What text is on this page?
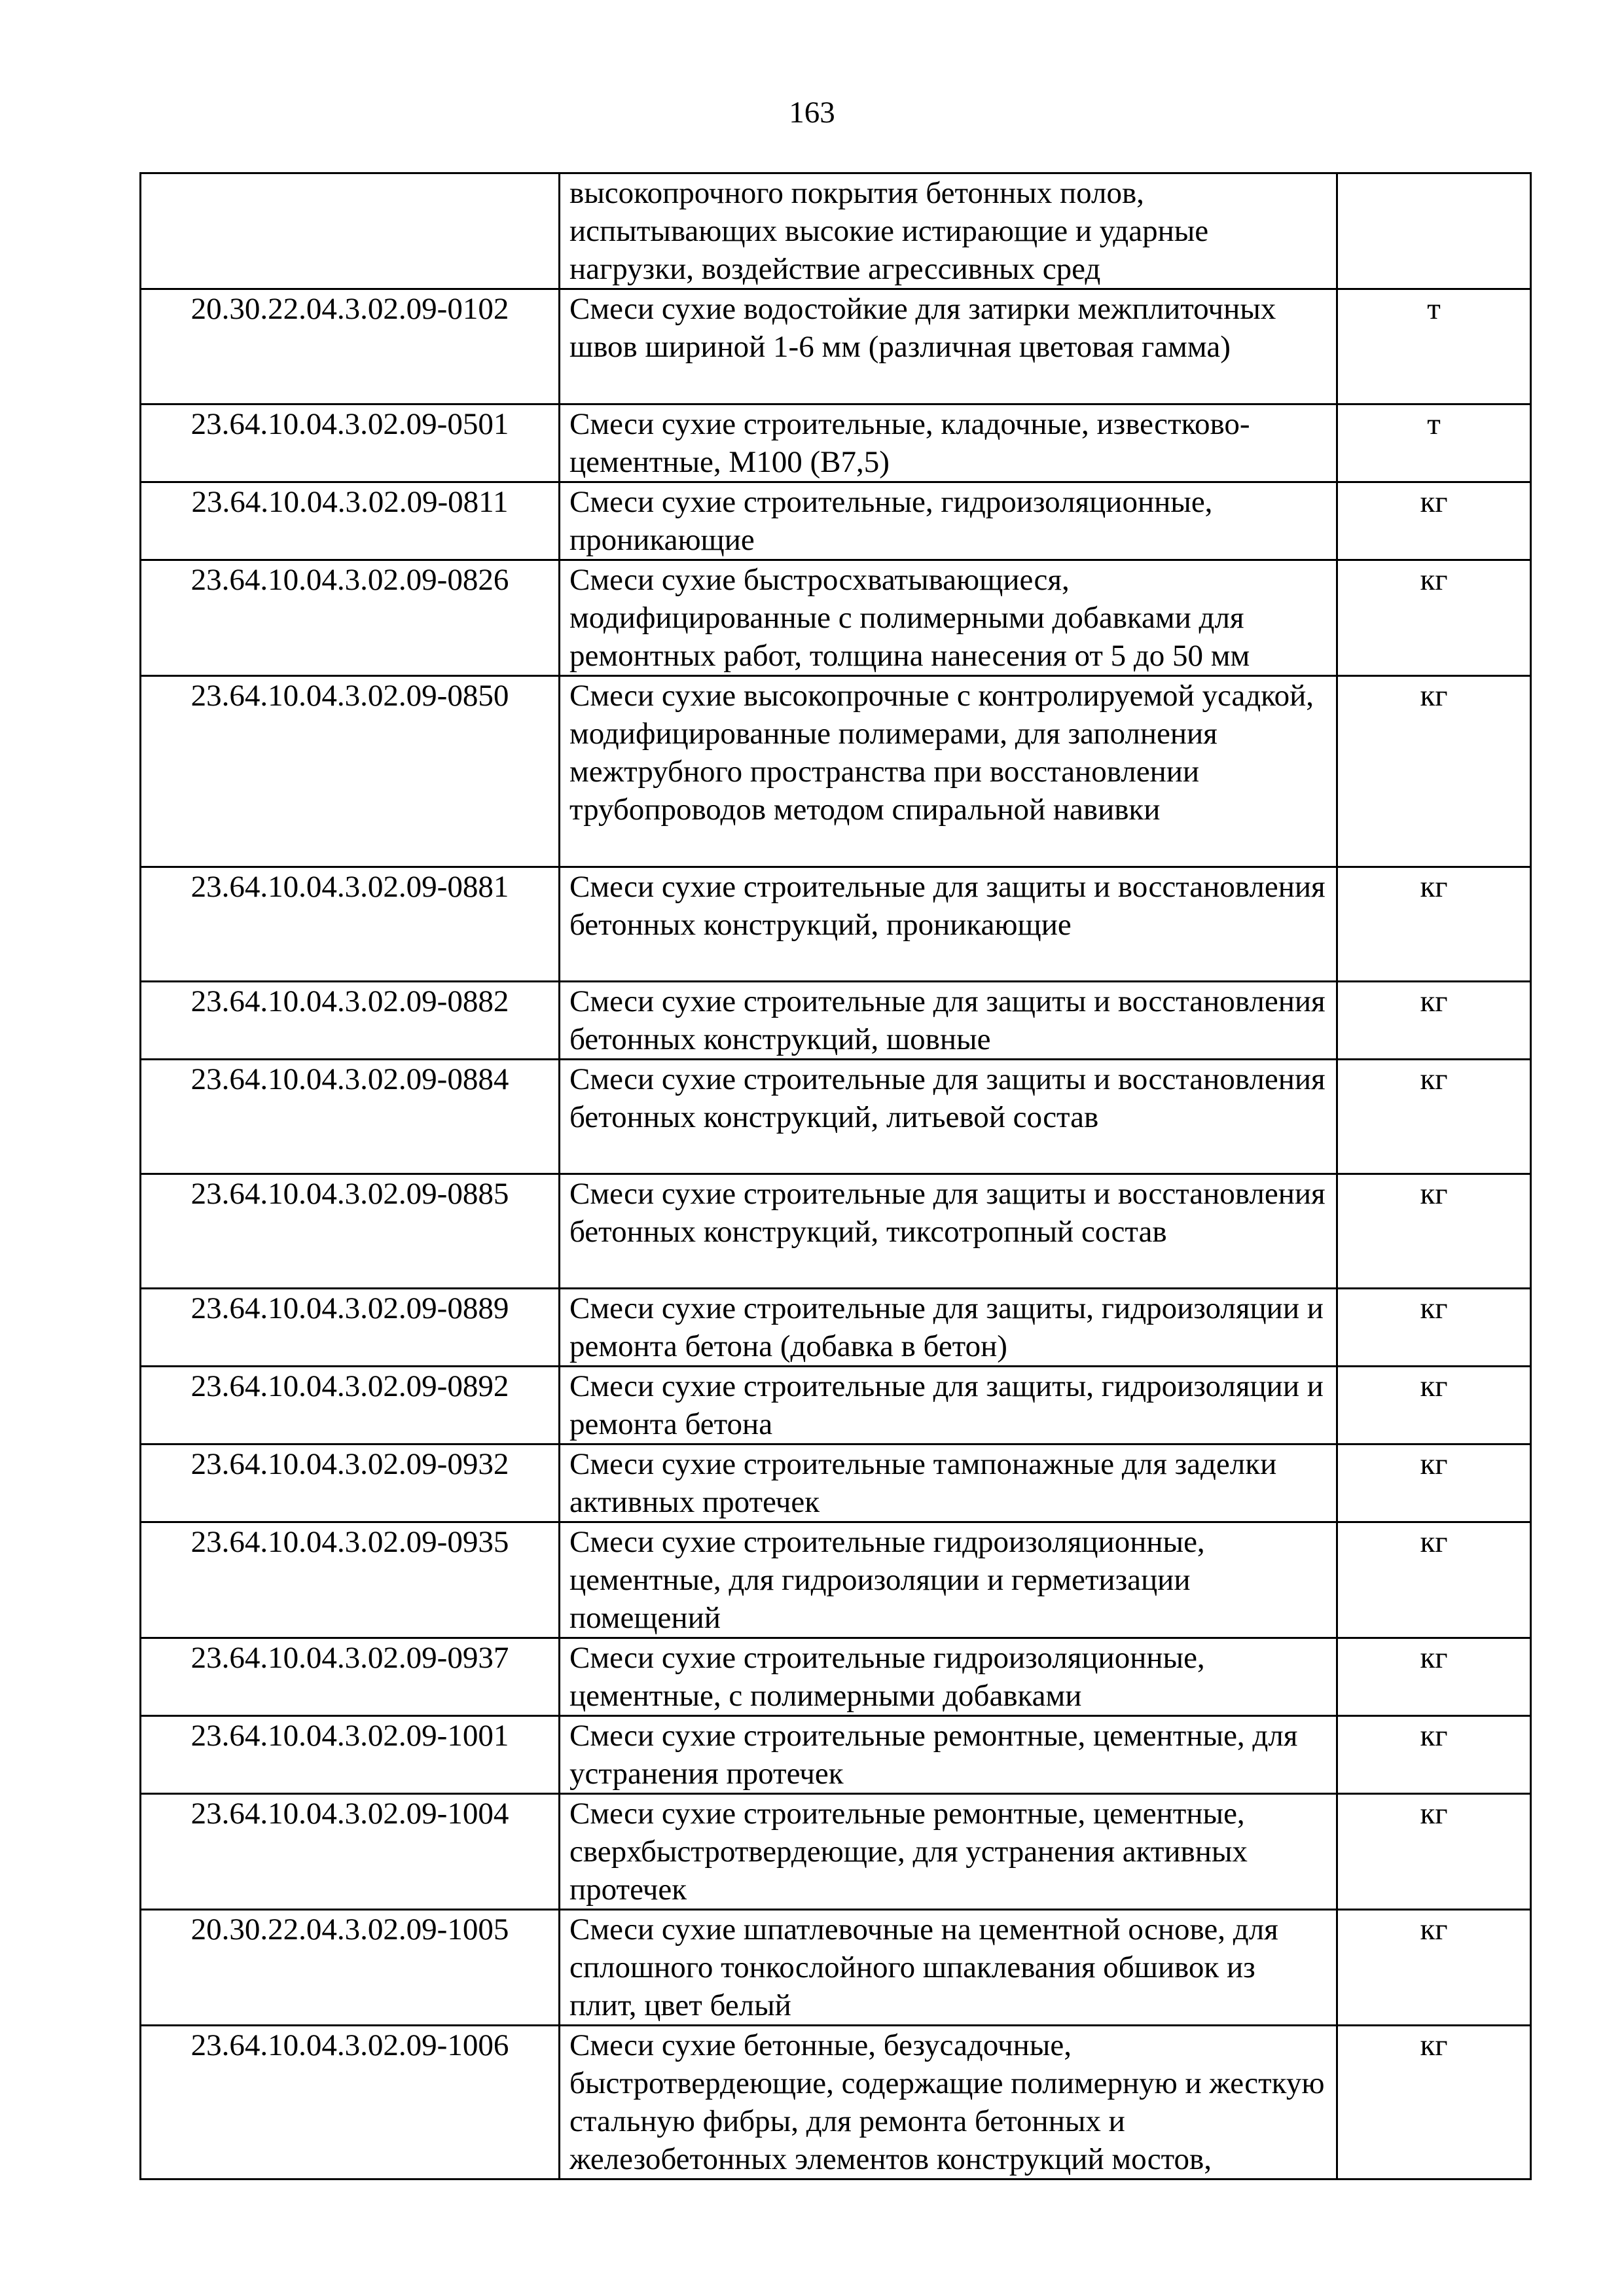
163
	высокопрочного покрытия бетонных полов, испытывающих высокие истирающие и ударные нагрузки, воздействие агрессивных сред	
20.30.22.04.3.02.09-0102	Смеси сухие водостойкие для затирки межплиточных швов шириной 1-6 мм (различная цветовая гамма)	т
23.64.10.04.3.02.09-0501	Смеси сухие строительные, кладочные, известково-цементные, М100 (В7,5)	т
23.64.10.04.3.02.09-0811	Смеси сухие строительные, гидроизоляционные, проникающие	кг
23.64.10.04.3.02.09-0826	Смеси сухие быстросхватывающиеся, модифицированные с полимерными добавками для ремонтных работ, толщина нанесения от 5 до 50 мм	кг
23.64.10.04.3.02.09-0850	Смеси сухие высокопрочные с контролируемой усадкой, модифицированные полимерами, для заполнения межтрубного пространства при восстановлении трубопроводов методом спиральной навивки	кг
23.64.10.04.3.02.09-0881	Смеси сухие строительные для защиты и восстановления бетонных конструкций, проникающие	кг
23.64.10.04.3.02.09-0882	Смеси сухие строительные для защиты и восстановления бетонных конструкций, шовные	кг
23.64.10.04.3.02.09-0884	Смеси сухие строительные для защиты и восстановления бетонных конструкций, литьевой состав	кг
23.64.10.04.3.02.09-0885	Смеси сухие строительные для защиты и восстановления бетонных конструкций, тиксотропный состав	кг
23.64.10.04.3.02.09-0889	Смеси сухие строительные для защиты, гидроизоляции и ремонта бетона (добавка в бетон)	кг
23.64.10.04.3.02.09-0892	Смеси сухие строительные для защиты, гидроизоляции и ремонта бетона	кг
23.64.10.04.3.02.09-0932	Смеси сухие строительные тампонажные для заделки активных протечек	кг
23.64.10.04.3.02.09-0935	Смеси сухие строительные гидроизоляционные, цементные, для гидроизоляции и герметизации помещений	кг
23.64.10.04.3.02.09-0937	Смеси сухие строительные гидроизоляционные, цементные, с полимерными добавками	кг
23.64.10.04.3.02.09-1001	Смеси сухие строительные ремонтные, цементные, для устранения протечек	кг
23.64.10.04.3.02.09-1004	Смеси сухие строительные ремонтные, цементные, сверхбыстротвердеющие, для устранения активных протечек	кг
20.30.22.04.3.02.09-1005	Смеси сухие шпатлевочные на цементной основе, для сплошного тонкослойного шпаклевания обшивок из плит, цвет белый	кг
23.64.10.04.3.02.09-1006	Смеси сухие бетонные, безусадочные, быстротвердеющие, содержащие полимерную и жесткую стальную фибры, для ремонта бетонных и железобетонных элементов конструкций мостов,	кг
